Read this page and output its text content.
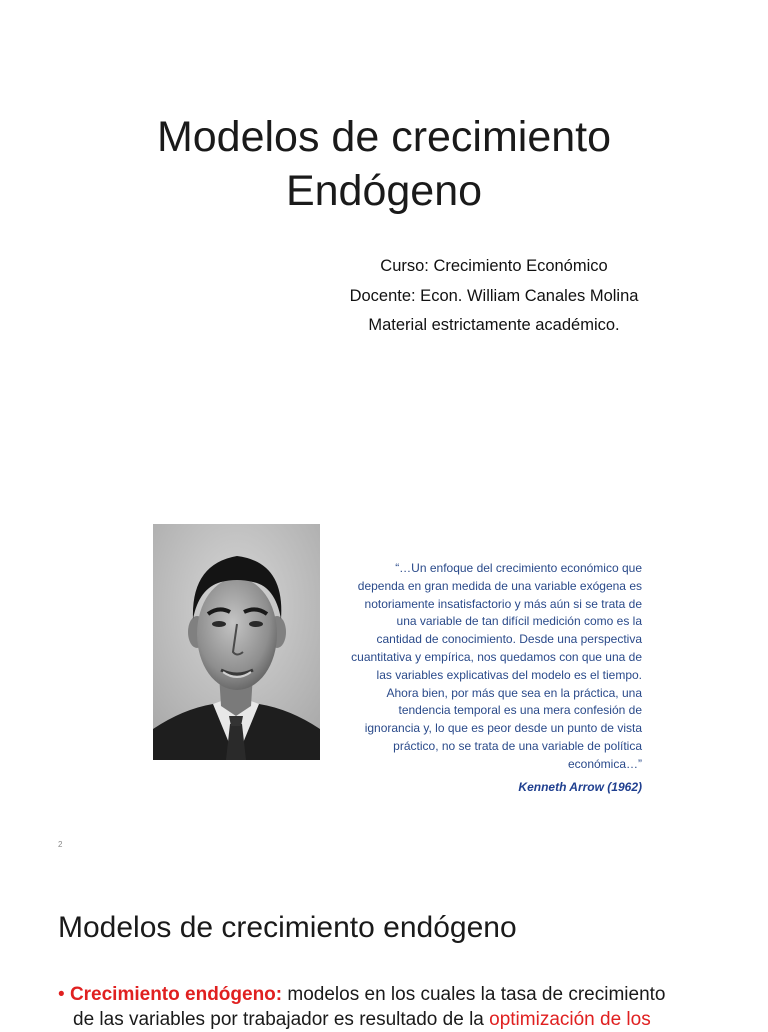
Modelos de crecimiento
Endógeno
Curso: Crecimiento Económico
Docente: Econ. William Canales Molina
Material estrictamente académico.
“…Un enfoque del crecimiento económico que
dependa en gran medida de una variable exógena es
notoriamente insatisfactorio y más aún si se trata de
una variable de tan difícil medición como es la
cantidad de conocimiento. Desde una perspectiva
cuantitativa y empírica, nos quedamos con que una de
las variables explicativas del modelo es el tiempo.
Ahora bien, por más que sea en la práctica, una
tendencia temporal es una mera confesión de
ignorancia y, lo que es peor desde un punto de vista
práctico, no se trata de una variable de política
económica…”
Kenneth Arrow (1962)
2
Modelos de crecimiento endógeno
• Crecimiento endógeno: modelos en los cuales la tasa de crecimiento
de las variables por trabajador es resultado de la optimización de los
